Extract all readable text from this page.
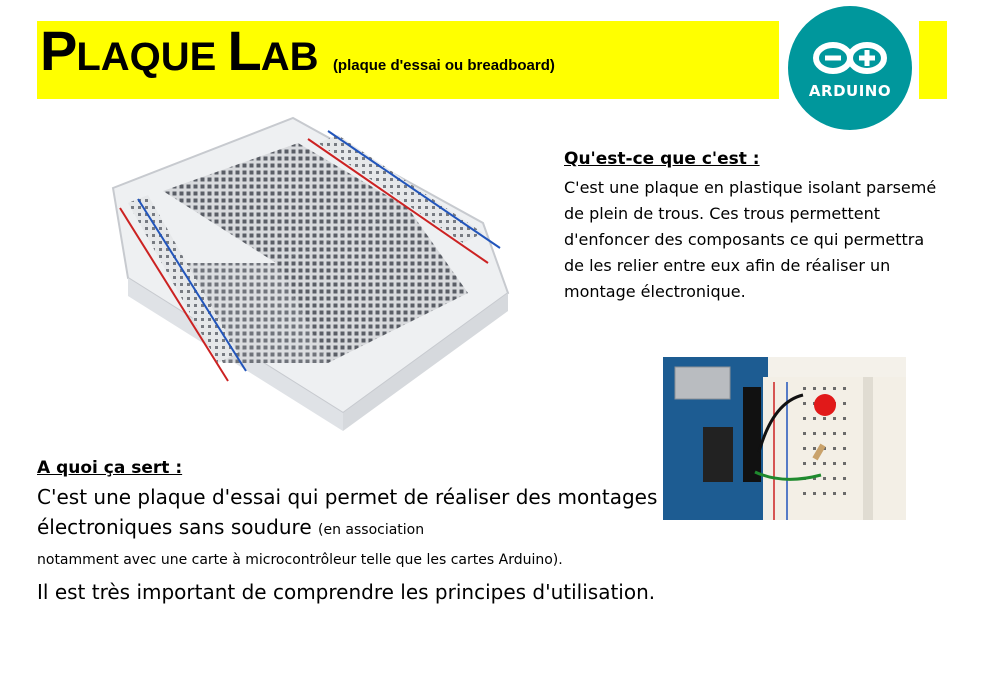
PLAQUE LAB (plaque d'essai ou breadboard)
ARDUINO
Qu'est-ce que c'est :

C'est une plaque en plastique isolant parsemé de plein de trous. Ces trous permettent d'enfoncer des composants ce qui permettra de les relier entre eux afin de réaliser un montage électronique.

A quoi ça sert :
C'est une plaque d'essai qui permet de réaliser des montages électroniques sans soudure (en association
notamment avec une carte à microcontrôleur telle que les cartes Arduino).
Il est très important de comprendre les principes d'utilisation.
